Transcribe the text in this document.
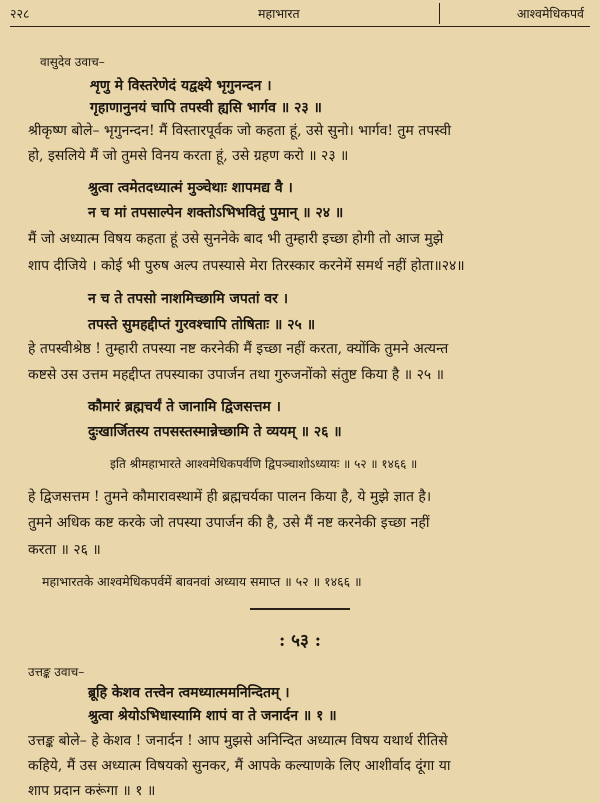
२२८	महाभारत	आश्वमेधिकपर्व
वासुदेव उवाच–
शृणु मे विस्तरेणेदं यद्वक्ष्ये भृगुनन्दन ।
गृहाणानुनयं चापि तपस्वी ह्यसि भार्गव ॥ २३ ॥
श्रीकृष्ण बोले– भृगुनन्दन! मैं विस्तारपूर्वक जो कहता हूं, उसे सुनो। भार्गव! तुम तपस्वी
हो, इसलिये मैं जो तुमसे विनय करता हूं, उसे ग्रहण करो ॥ २३ ॥
श्रुत्वा त्वमेतदध्यात्मं मुञ्चेथाः शापमद्य वै ।
न च मां तपसाल्पेन शक्तोऽभिभवितुं पुमान् ॥ २४ ॥
मैं जो अध्यात्म विषय कहता हूं उसे सुननेके बाद भी तुम्हारी इच्छा होगी तो आज मुझे
शाप दीजिये । कोई भी पुरुष अल्प तपस्यासे मेरा तिरस्कार करनेमें समर्थ नहीं होता॥२४॥
न च ते तपसो नाशमिच्छामि जपतां वर ।
तपस्ते सुमहद्दीप्तं गुरवश्चापि तोषिताः ॥ २५ ॥
हे तपस्वीश्रेष्ठ ! तुम्हारी तपस्या नष्ट करनेकी मैं इच्छा नहीं करता, क्योंकि तुमने अत्यन्त
कष्टसे उस उत्तम महद्दीप्त तपस्याका उपार्जन तथा गुरुजनोंको संतुष्ट किया है ॥ २५ ॥
कौमारं ब्रह्मचर्यं ते जानामि द्विजसत्तम ।
दुःखार्जितस्य तपसस्तस्मान्नेच्छामि ते व्ययम् ॥ २६ ॥
इति श्रीमहाभारते आश्वमेधिकपर्वणि द्विपञ्चाशोऽध्यायः ॥ ५२ ॥ १४६६ ॥
हे द्विजसत्तम ! तुमने कौमारावस्थामें ही ब्रह्मचर्यका पालन किया है, ये मुझे ज्ञात है।
तुमने अधिक कष्ट करके जो तपस्या उपार्जन की है, उसे मैं नष्ट करनेकी इच्छा नहीं
करता ॥ २६ ॥
महाभारतके आश्वमेधिकपर्वमें बावनवां अध्याय समाप्त ॥ ५२ ॥ १४६६ ॥
: ५३ :
उत्तङ्क उवाच–
ब्रूहि केशव तत्त्वेन त्वमध्यात्ममनिन्दितम् ।
श्रुत्वा श्रेयोऽभिधास्यामि शापं वा ते जनार्दन ॥ १ ॥
उत्तङ्क बोले– हे केशव ! जनार्दन ! आप मुझसे अनिन्दित अध्यात्म विषय यथार्थ रीतिसे
कहिये, मैं उस अध्यात्म विषयको सुनकर, मैं आपके कल्याणके लिए आशीर्वाद दूंगा या
शाप प्रदान करूंगा ॥ १ ॥
